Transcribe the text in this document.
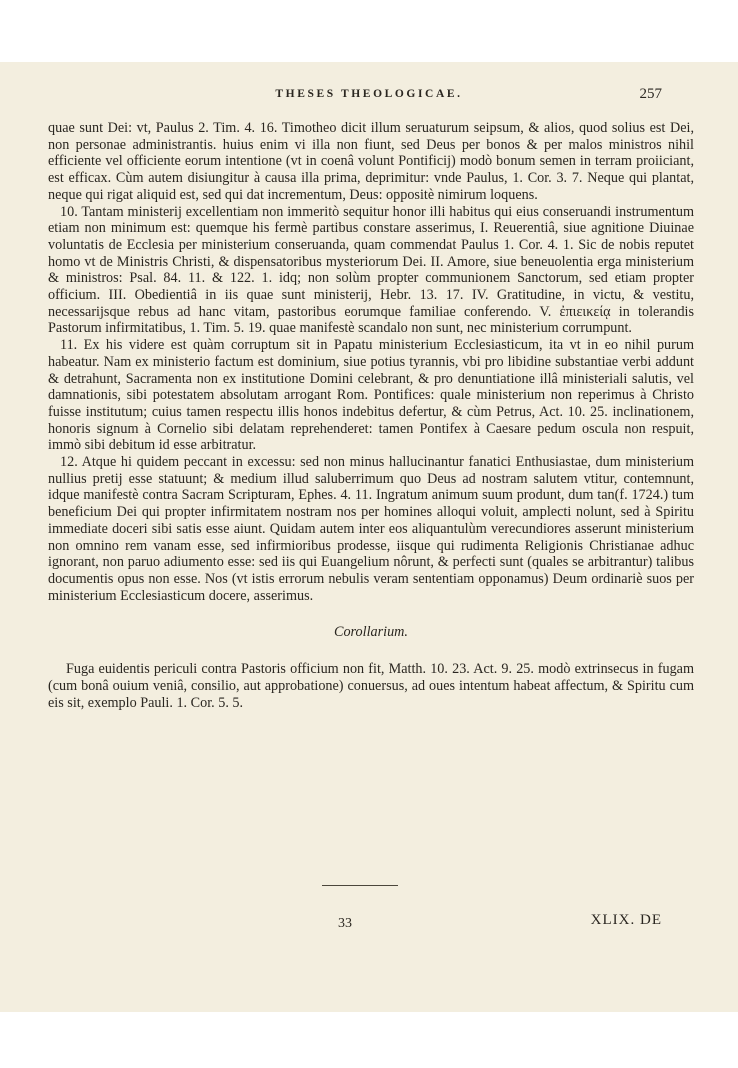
THESES THEOLOGICAE.	257

quae sunt Dei: vt, Paulus 2. Tim. 4. 16. Timotheo dicit illum seruaturum seipsum, & alios, quod solius est Dei, non personae administrantis. huius enim vi illa non fiunt, sed Deus per bonos & per malos ministros nihil efficiente vel officiente eorum intentione (vt in coenâ volunt Pontificij) modò bonum semen in terram proiiciant, est efficax. Cùm autem disiungitur à causa illa prima, deprimitur: vnde Paulus, 1. Cor. 3. 7. Neque qui plantat, neque qui rigat aliquid est, sed qui dat incrementum, Deus: oppositè nimirum loquens.

10. Tantam ministerij excellentiam non immeritò sequitur honor illi habitus qui eius conseruandi instrumentum etiam non minimum est: quemque his fermè partibus constare asserimus, I. Reuerentiâ, siue agnitione Diuinae voluntatis de Ecclesia per ministerium conseruanda, quam commendat Paulus 1. Cor. 4. 1. Sic de nobis reputet homo vt de Ministris Christi, & dispensatoribus mysteriorum Dei. II. Amore, siue beneuolentia erga ministerium & ministros: Psal. 84. 11. & 122. 1. idq; non solùm propter communionem Sanctorum, sed etiam propter officium. III. Obedientiâ in iis quae sunt ministerij, Hebr. 13. 17. IV. Gratitudine, in victu, & vestitu, necessarijsque rebus ad hanc vitam, pastoribus eorumque familiae conferendo. V. ἐπιεικείᾳ in tolerandis Pastorum infirmitatibus, 1. Tim. 5. 19. quae manifestè scandalo non sunt, nec ministerium corrumpunt.

11. Ex his videre est quàm corruptum sit in Papatu ministerium Ecclesiasticum, ita vt in eo nihil purum habeatur. Nam ex ministerio factum est dominium, siue potius tyrannis, vbi pro libidine substantiae verbi addunt & detrahunt, Sacramenta non ex institutione Domini celebrant, & pro denuntiatione illâ ministeriali salutis, vel damnationis, sibi potestatem absolutam arrogant Rom. Pontifices: quale ministerium non reperimus à Christo fuisse institutum; cuius tamen respectu illis honos indebitus defertur, & cùm Petrus, Act. 10. 25. inclinationem, honoris signum à Cornelio sibi delatam reprehenderet: tamen Pontifex à Caesare pedum oscula non respuit, immò sibi debitum id esse arbitratur.

12. Atque hi quidem peccant in excessu: sed non minus hallucinantur fanatici Enthusiastae, dum ministerium nullius pretij esse statuunt; & medium illud saluberrimum quo Deus ad nostram salutem vtitur, contemnunt, idque manifestè contra Sacram Scripturam, Ephes. 4. 11. Ingratum animum suum produnt, dum tan(f. 1724.) tum beneficium Dei qui propter infirmitatem nostram nos per homines alloqui voluit, amplecti nolunt, sed à Spiritu immediate doceri sibi satis esse aiunt. Quidam autem inter eos aliquantulùm verecundiores asserunt ministerium non omnino rem vanam esse, sed infirmioribus prodesse, iisque qui rudimenta Religionis Christianae adhuc ignorant, non paruo adiumento esse: sed iis qui Euangelium nôrunt, & perfecti sunt (quales se arbitrantur) talibus documentis opus non esse. Nos (vt istis errorum nebulis veram sententiam opponamus) Deum ordinariè suos per ministerium Ecclesiasticum docere, asserimus.

Corollarium.

Fuga euidentis periculi contra Pastoris officium non fit, Matth. 10. 23. Act. 9. 25. modò extrinsecus in fugam (cum bonâ ouium veniâ, consilio, aut approbatione) conuersus, ad oues intentum habeat affectum, & Spiritu cum eis sit, exemplo Pauli. 1. Cor. 5. 5.

33	XLIX. DE
